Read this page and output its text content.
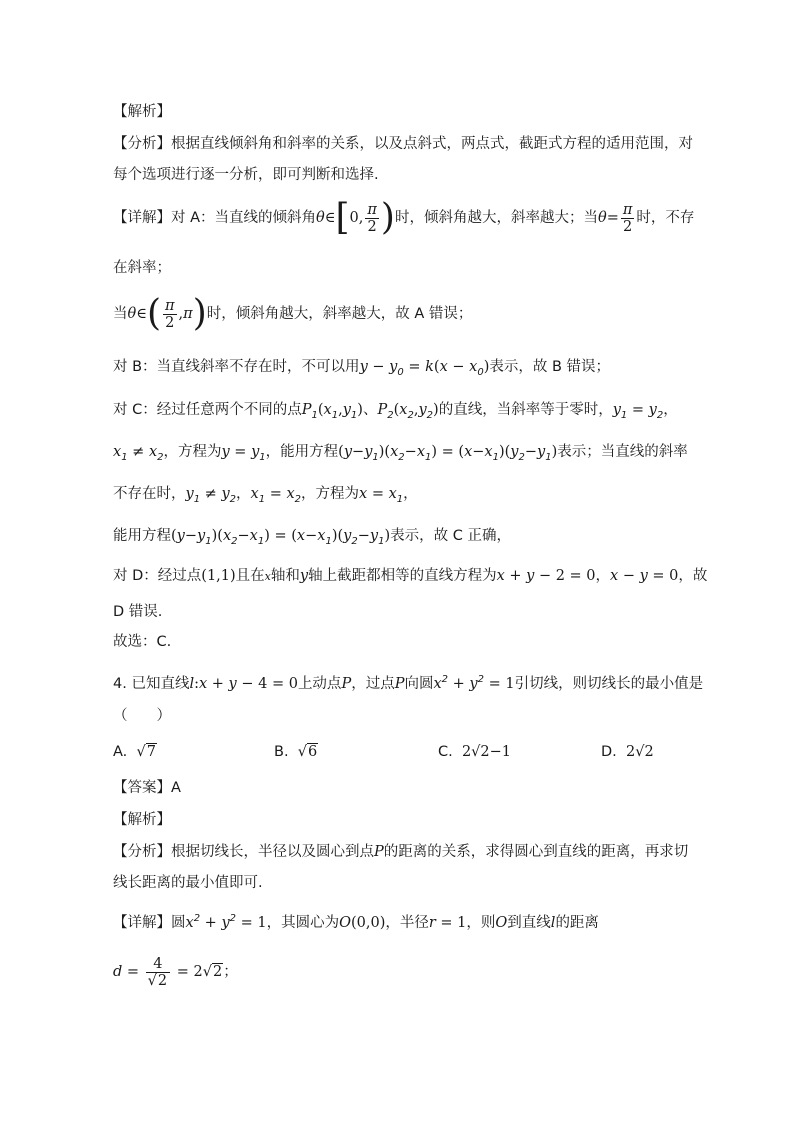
【解析】
【分析】根据直线倾斜角和斜率的关系，以及点斜式，两点式，截距式方程的适用范围，对
每个选项进行逐一分析，即可判断和选择.
【详解】对 A：当直线的倾斜角θ∈[0, $\frac{\pi}{2}$ )时，倾斜角越大，斜率越大；当$\theta= \frac{\pi}{2}$ 时，不存
在斜率；
当θ∈( $\frac{\pi}{2} ,\pi$)时，倾斜角越大，斜率越大，故 A 错误；
对 B：当直线斜率不存在时，不可以用$y - y_0 = k(x - x_0)$表示，故 B 错误；
对 C：经过任意两个不同的点$P_1(x_1,y_1)$、$P_2(x_2,y_2)$的直线，当斜率等于零时，$y_1 = y_2$，
$x_1 \ne x_2$，方程为$y = y_1$，能用方程$(y-y_1)(x_2-x_1) = (x-x_1)(y_2-y_1)$表示；当直线的斜率
不存在时，$y_1 \ne y_2$，$x_1 = x_2$，方程为$x = x_1$，
能用方程$(y-y_1)(x_2-x_1) = (x-x_1)(y_2-y_1)$表示，故 C 正确，
对 D：经过点(1,1)且在x轴和y轴上截距都相等的直线方程为x + y − 2 = 0，x − y = 0，故
D 错误.
故选：C.
4. 已知直线l:x + y − 4 = 0上动点P，过点P向圆$x^2 + y^2 = 1$引切线，则切线长的最小值是
（　　）
A. √7	B. √6	C. 2√2−1	D. 2√2
【答案】A
【解析】
【分析】根据切线长，半径以及圆心到点P的距离的关系，求得圆心到直线的距离，再求切
线长距离的最小值即可.
【详解】圆$x^2 + y^2 = 1$，其圆心为O(0,0)，半径r = 1，则O到直线l的距离
$d = \frac{4}{√2} = 2√2$；
